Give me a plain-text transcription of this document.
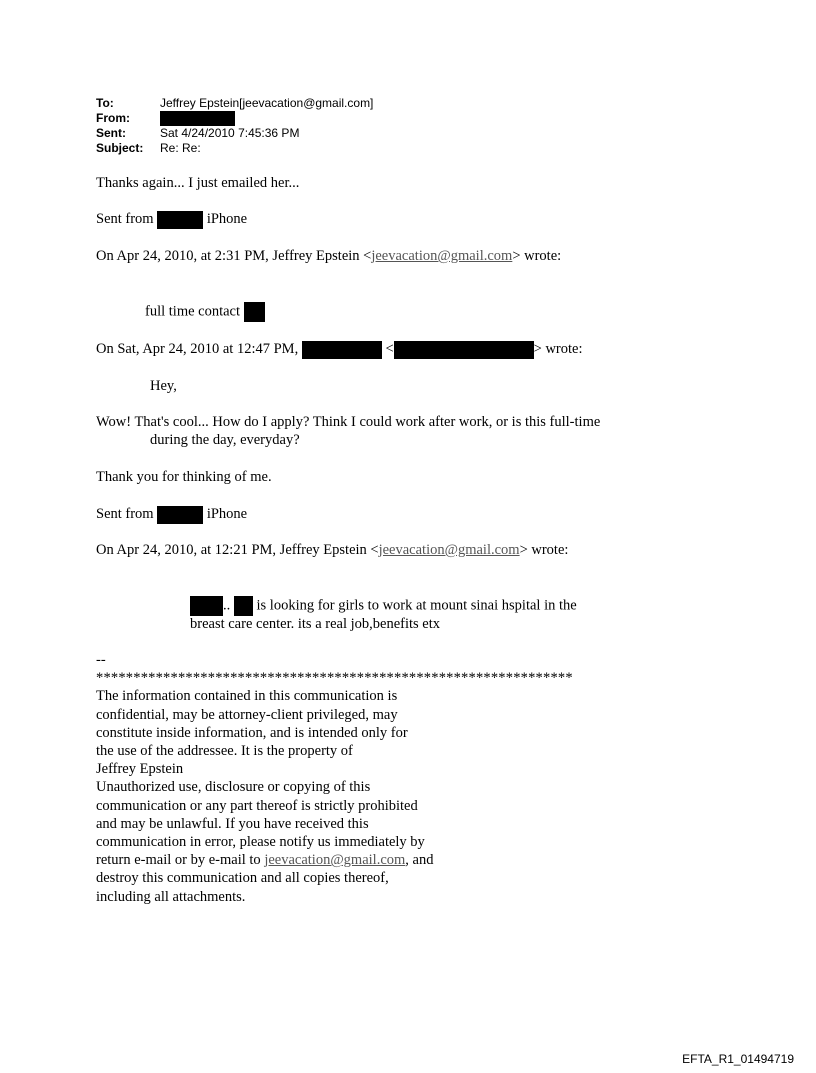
To:	Jeffrey Epstein[jeevacation@gmail.com]
From:
Sent:	Sat 4/24/2010 7:45:36 PM
Subject:	Re: Re:
Thanks again... I just emailed her...
Sent from	iPhone
On Apr 24, 2010, at 2:31 PM, Jeffrey Epstein <jeevacation@gmail.com> wrote:
full time contact
On Sat, Apr 24, 2010 at 12:47 PM,	<	> wrote:
Hey,
Wow! That's cool... How do I apply? Think I could work after work, or is this full-time
during the day, everyday?
Thank you for thinking of me.
Sent from	iPhone
On Apr 24, 2010, at 12:21 PM, Jeffrey Epstein <jeevacation@gmail.com> wrote:
.. is looking for girls to work at mount sinai hspital in the
breast care center. its a real job,benefits etx
--
****************************************************************
The information contained in this communication is
confidential, may be attorney-client privileged, may
constitute inside information, and is intended only for
the use of the addressee. It is the property of
Jeffrey Epstein
Unauthorized use, disclosure or copying of this
communication or any part thereof is strictly prohibited
and may be unlawful. If you have received this
communication in error, please notify us immediately by
return e-mail or by e-mail to jeevacation@gmail.com, and
destroy this communication and all copies thereof,
including all attachments.
EFTA_R1_01494719
